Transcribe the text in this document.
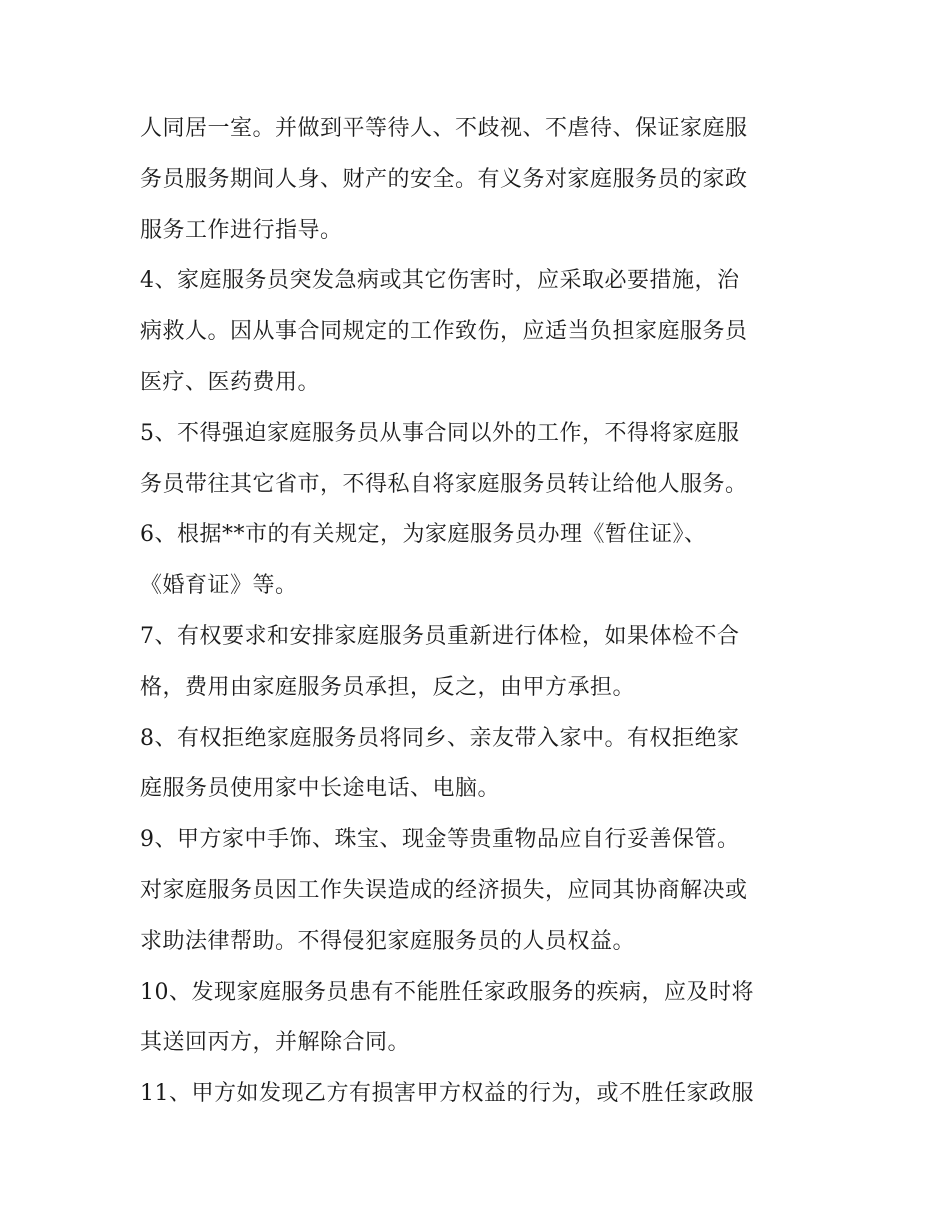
人同居一室。并做到平等待人、不歧视、不虐待、保证家庭服
务员服务期间人身、财产的安全。有义务对家庭服务员的家政
服务工作进行指导。
4、家庭服务员突发急病或其它伤害时，应采取必要措施，治
病救人。因从事合同规定的工作致伤，应适当负担家庭服务员
医疗、医药费用。
5、不得强迫家庭服务员从事合同以外的工作，不得将家庭服
务员带往其它省市，不得私自将家庭服务员转让给他人服务。
6、根据**市的有关规定，为家庭服务员办理《暂住证》、
《婚育证》等。
7、有权要求和安排家庭服务员重新进行体检，如果体检不合
格，费用由家庭服务员承担，反之，由甲方承担。
8、有权拒绝家庭服务员将同乡、亲友带入家中。有权拒绝家
庭服务员使用家中长途电话、电脑。
9、甲方家中手饰、珠宝、现金等贵重物品应自行妥善保管。
对家庭服务员因工作失误造成的经济损失，应同其协商解决或
求助法律帮助。不得侵犯家庭服务员的人员权益。
10、发现家庭服务员患有不能胜任家政服务的疾病，应及时将
其送回丙方，并解除合同。
11、甲方如发现乙方有损害甲方权益的行为，或不胜任家政服
